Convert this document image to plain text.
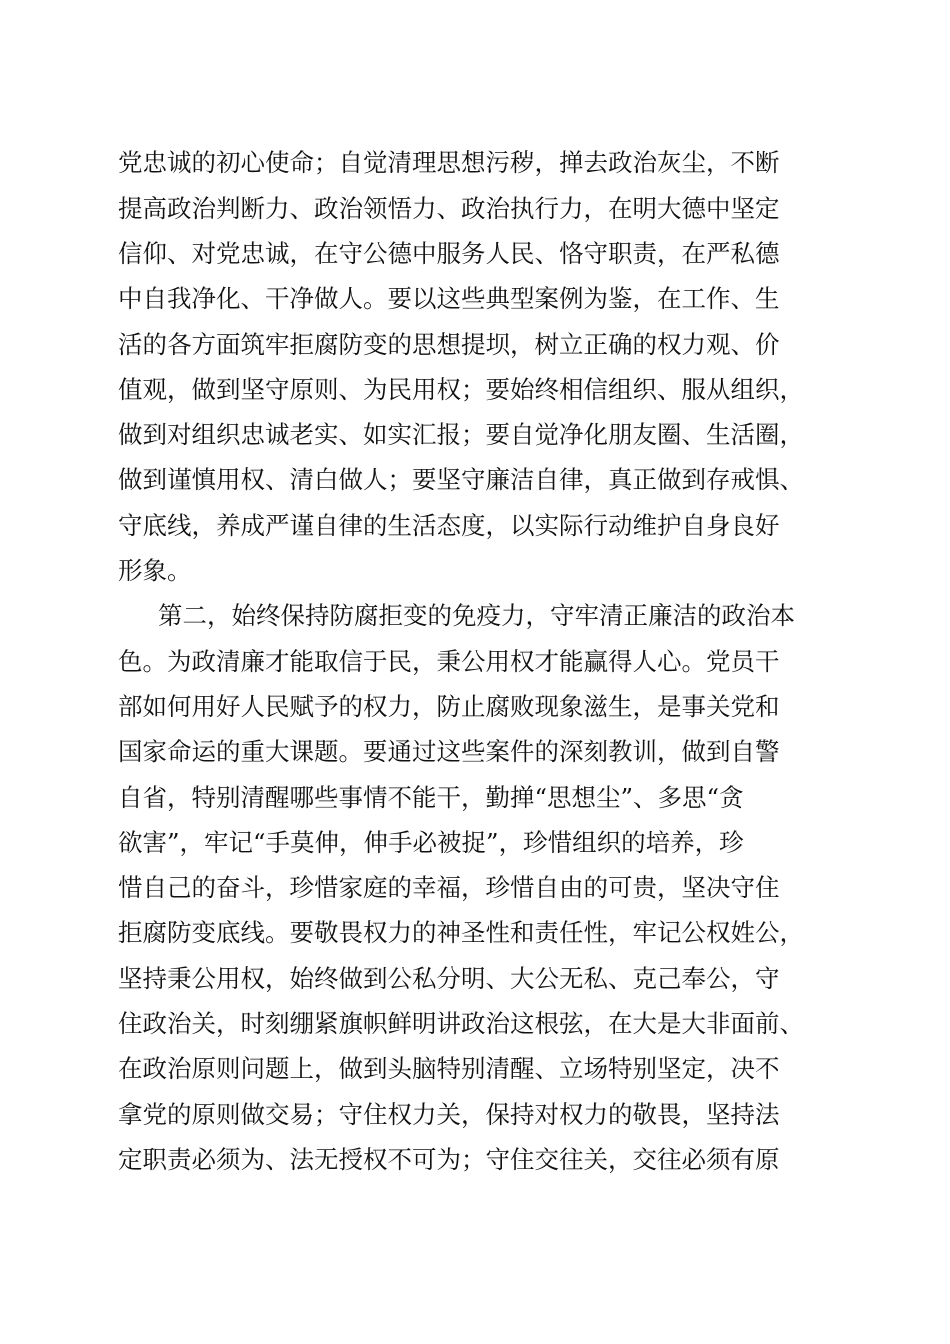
党忠诚的初心使命；自觉清理思想污秽，掸去政治灰尘，不断
提高政治判断力、政治领悟力、政治执行力，在明大德中坚定
信仰、对党忠诚，在守公德中服务人民、恪守职责，在严私德
中自我净化、干净做人。要以这些典型案例为鉴，在工作、生
活的各方面筑牢拒腐防变的思想提坝，树立正确的权力观、价
值观，做到坚守原则、为民用权；要始终相信组织、服从组织，
做到对组织忠诚老实、如实汇报；要自觉净化朋友圈、生活圈，
做到谨慎用权、清白做人；要坚守廉洁自律，真正做到存戒惧、
守底线，养成严谨自律的生活态度，以实际行动维护自身良好
形象。
第二，始终保持防腐拒变的免疫力，守牢清正廉洁的政治本
色。为政清廉才能取信于民，秉公用权才能赢得人心。党员干
部如何用好人民赋予的权力，防止腐败现象滋生，是事关党和
国家命运的重大课题。要通过这些案件的深刻教训，做到自警
自省，特别清醒哪些事情不能干，勤掸“思想尘”、多思“贪
欲害”，牢记“手莫伸，伸手必被捉”，珍惜组织的培养，珍
惜自己的奋斗，珍惜家庭的幸福，珍惜自由的可贵，坚决守住
拒腐防变底线。要敬畏权力的神圣性和责任性，牢记公权姓公，
坚持秉公用权，始终做到公私分明、大公无私、克己奉公，守
住政治关，时刻绷紧旗帜鲜明讲政治这根弦，在大是大非面前、
在政治原则问题上，做到头脑特别清醒、立场特别坚定，决不
拿党的原则做交易；守住权力关，保持对权力的敬畏，坚持法
定职责必须为、法无授权不可为；守住交往关，交往必须有原
